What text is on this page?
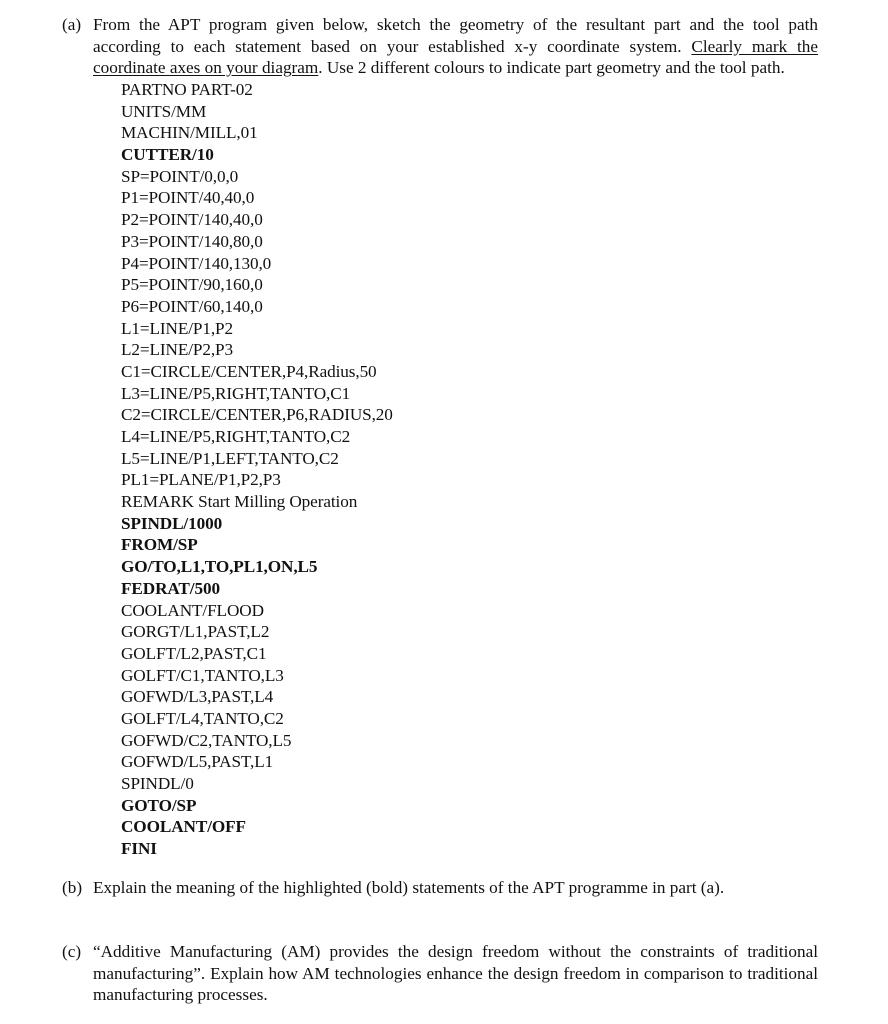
(a) From the APT program given below, sketch the geometry of the resultant part and the tool path according to each statement based on your established x-y coordinate system. Clearly mark the coordinate axes on your diagram. Use 2 different colours to indicate part geometry and the tool path.
PARTNO PART-02
UNITS/MM
MACHIN/MILL,01
CUTTER/10
SP=POINT/0,0,0
P1=POINT/40,40,0
P2=POINT/140,40,0
P3=POINT/140,80,0
P4=POINT/140,130,0
P5=POINT/90,160,0
P6=POINT/60,140,0
L1=LINE/P1,P2
L2=LINE/P2,P3
C1=CIRCLE/CENTER,P4,Radius,50
L3=LINE/P5,RIGHT,TANTO,C1
C2=CIRCLE/CENTER,P6,RADIUS,20
L4=LINE/P5,RIGHT,TANTO,C2
L5=LINE/P1,LEFT,TANTO,C2
PL1=PLANE/P1,P2,P3
REMARK Start Milling Operation
SPINDL/1000
FROM/SP
GO/TO,L1,TO,PL1,ON,L5
FEDRAT/500
COOLANT/FLOOD
GORGT/L1,PAST,L2
GOLFT/L2,PAST,C1
GOLFT/C1,TANTO,L3
GOFWD/L3,PAST,L4
GOLFT/L4,TANTO,C2
GOFWD/C2,TANTO,L5
GOFWD/L5,PAST,L1
SPINDL/0
GOTO/SP
COOLANT/OFF
FINI
(b) Explain the meaning of the highlighted (bold) statements of the APT programme in part (a).
(c) “Additive Manufacturing (AM) provides the design freedom without the constraints of traditional manufacturing”. Explain how AM technologies enhance the design freedom in comparison to traditional manufacturing processes.
